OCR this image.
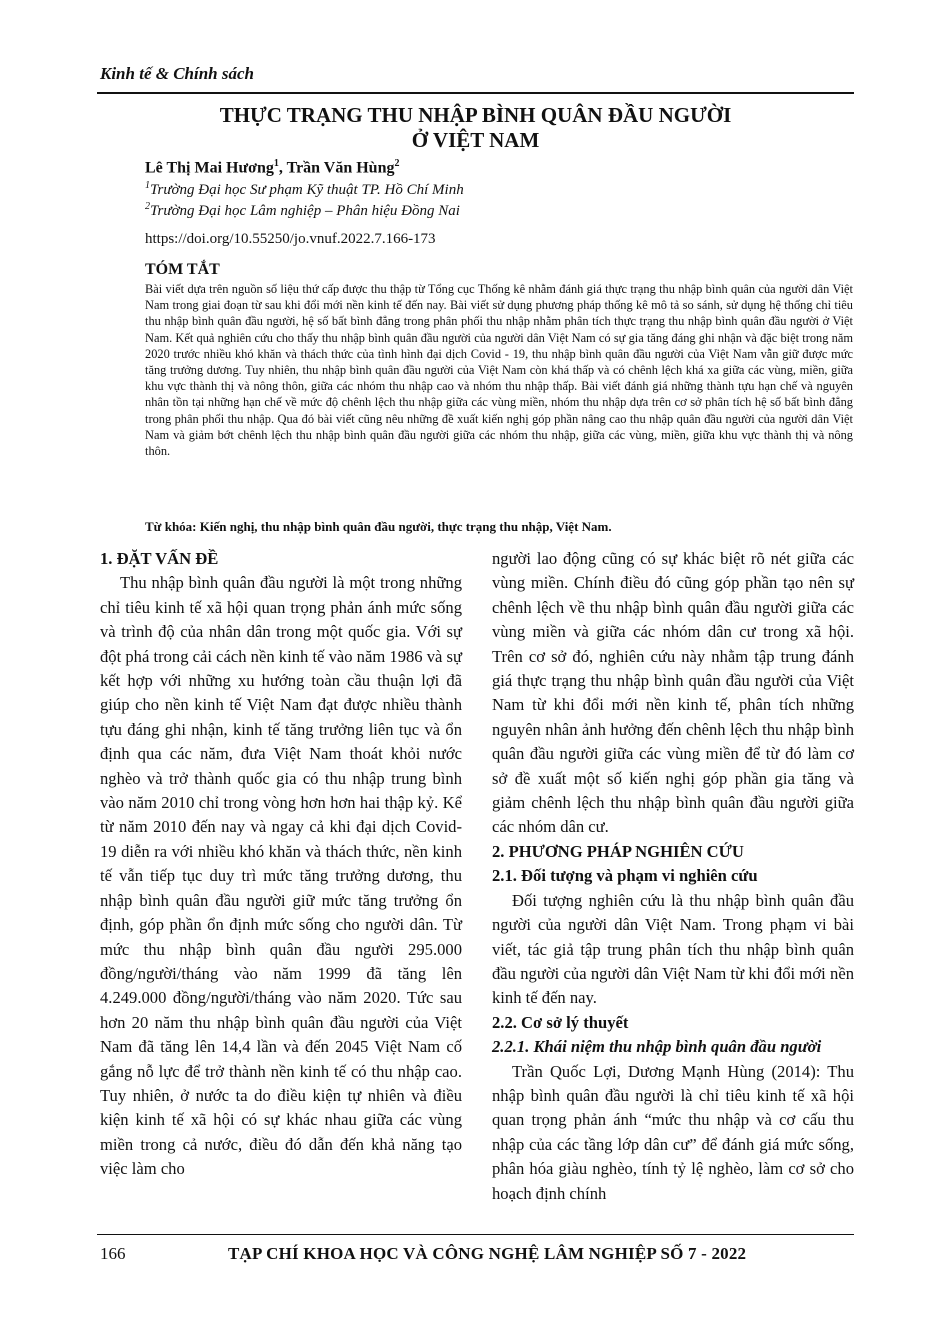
Kinh tế & Chính sách
THỰC TRẠNG THU NHẬP BÌNH QUÂN ĐẦU NGƯỜI
Ở VIỆT NAM
Lê Thị Mai Hương$^1$, Trần Văn Hùng$^2$
$^1$Trường Đại học Sư phạm Kỹ thuật TP. Hồ Chí Minh
$^2$Trường Đại học Lâm nghiệp – Phân hiệu Đồng Nai
https://doi.org/10.55250/jo.vnuf.2022.7.166-173
TÓM TẮT
Bài viết dựa trên nguồn số liệu thứ cấp được thu thập từ Tổng cục Thống kê nhằm đánh giá thực trạng thu nhập bình quân của người dân Việt Nam trong giai đoạn từ sau khi đổi mới nền kinh tế đến nay. Bài viết sử dụng phương pháp thống kê mô tả so sánh, sử dụng hệ thống chỉ tiêu thu nhập bình quân đầu người, hệ số bất bình đẳng trong phân phối thu nhập nhằm phân tích thực trạng thu nhập bình quân đầu người ở Việt Nam. Kết quả nghiên cứu cho thấy thu nhập bình quân đầu người của người dân Việt Nam có sự gia tăng đáng ghi nhận và đặc biệt trong năm 2020 trước nhiều khó khăn và thách thức của tình hình đại dịch Covid - 19, thu nhập bình quân đầu người của Việt Nam vẫn giữ được mức tăng trưởng dương. Tuy nhiên, thu nhập bình quân đầu người của Việt Nam còn khá thấp và có chênh lệch khá xa giữa các vùng, miền, giữa khu vực thành thị và nông thôn, giữa các nhóm thu nhập cao và nhóm thu nhập thấp. Bài viết đánh giá những thành tựu hạn chế và nguyên nhân tồn tại những hạn chế về mức độ chênh lệch thu nhập giữa các vùng miền, nhóm thu nhập dựa trên cơ sở phân tích hệ số bất bình đẳng trong phân phối thu nhập. Qua đó bài viết cũng nêu những đề xuất kiến nghị góp phần nâng cao thu nhập quân đầu người của người dân Việt Nam và giảm bớt chênh lệch thu nhập bình quân đầu người giữa các nhóm thu nhập, giữa các vùng, miền, giữa khu vực thành thị và nông thôn.
Từ khóa: Kiến nghị, thu nhập bình quân đầu người, thực trạng thu nhập, Việt Nam.
1. ĐẶT VẤN ĐỀ

Thu nhập bình quân đầu người là một trong những chỉ tiêu kinh tế xã hội quan trọng phản ánh mức sống và trình độ của nhân dân trong một quốc gia. Với sự đột phá trong cải cách nền kinh tế vào năm 1986 và sự kết hợp với những xu hướng toàn cầu thuận lợi đã giúp cho nền kinh tế Việt Nam đạt được nhiều thành tựu đáng ghi nhận, kinh tế tăng trưởng liên tục và ổn định qua các năm, đưa Việt Nam thoát khỏi nước nghèo và trở thành quốc gia có thu nhập trung bình vào năm 2010 chỉ trong vòng hơn hơn hai thập kỷ. Kể từ năm 2010 đến nay và ngay cả khi đại dịch Covid-19 diễn ra với nhiều khó khăn và thách thức, nền kinh tế vẫn tiếp tục duy trì mức tăng trưởng dương, thu nhập bình quân đầu người giữ mức tăng trưởng ổn định, góp phần ổn định mức sống cho người dân. Từ mức thu nhập bình quân đầu người 295.000 đồng/người/tháng vào năm 1999 đã tăng lên 4.249.000 đồng/người/tháng vào năm 2020. Tức sau hơn 20 năm thu nhập bình quân đầu người của Việt Nam đã tăng lên 14,4 lần và đến 2045 Việt Nam cố gắng nỗ lực để trở thành nền kinh tế có thu nhập cao. Tuy nhiên, ở nước ta do điều kiện tự nhiên và điều kiện kinh tế xã hội có sự khác nhau giữa các vùng miền trong cả nước, điều đó dẫn đến khả năng tạo việc làm cho

người lao động cũng có sự khác biệt rõ nét giữa các vùng miền. Chính điều đó cũng góp phần tạo nên sự chênh lệch về thu nhập bình quân đầu người giữa các vùng miền và giữa các nhóm dân cư trong xã hội. Trên cơ sở đó, nghiên cứu này nhằm tập trung đánh giá thực trạng thu nhập bình quân đầu người của Việt Nam từ khi đổi mới nền kinh tế, phân tích những nguyên nhân ảnh hưởng đến chênh lệch thu nhập bình quân đầu người giữa các vùng miền để từ đó làm cơ sở đề xuất một số kiến nghị góp phần gia tăng và giảm chênh lệch thu nhập bình quân đầu người giữa các nhóm dân cư.

2. PHƯƠNG PHÁP NGHIÊN CỨU
2.1. Đối tượng và phạm vi nghiên cứu

Đối tượng nghiên cứu là thu nhập bình quân đầu người của người dân Việt Nam. Trong phạm vi bài viết, tác giả tập trung phân tích thu nhập bình quân đầu người của người dân Việt Nam từ khi đổi mới nền kinh tế đến nay.

2.2. Cơ sở lý thuyết
2.2.1. Khái niệm thu nhập bình quân đầu người

Trần Quốc Lợi, Dương Mạnh Hùng (2014): Thu nhập bình quân đầu người là chỉ tiêu kinh tế xã hội quan trọng phản ánh “mức thu nhập và cơ cấu thu nhập của các tầng lớp dân cư” để đánh giá mức sống, phân hóa giàu nghèo, tính tỷ lệ nghèo, làm cơ sở cho hoạch định chính

166	TẠP CHÍ KHOA HỌC VÀ CÔNG NGHỆ LÂM NGHIỆP SỐ 7 - 2022
